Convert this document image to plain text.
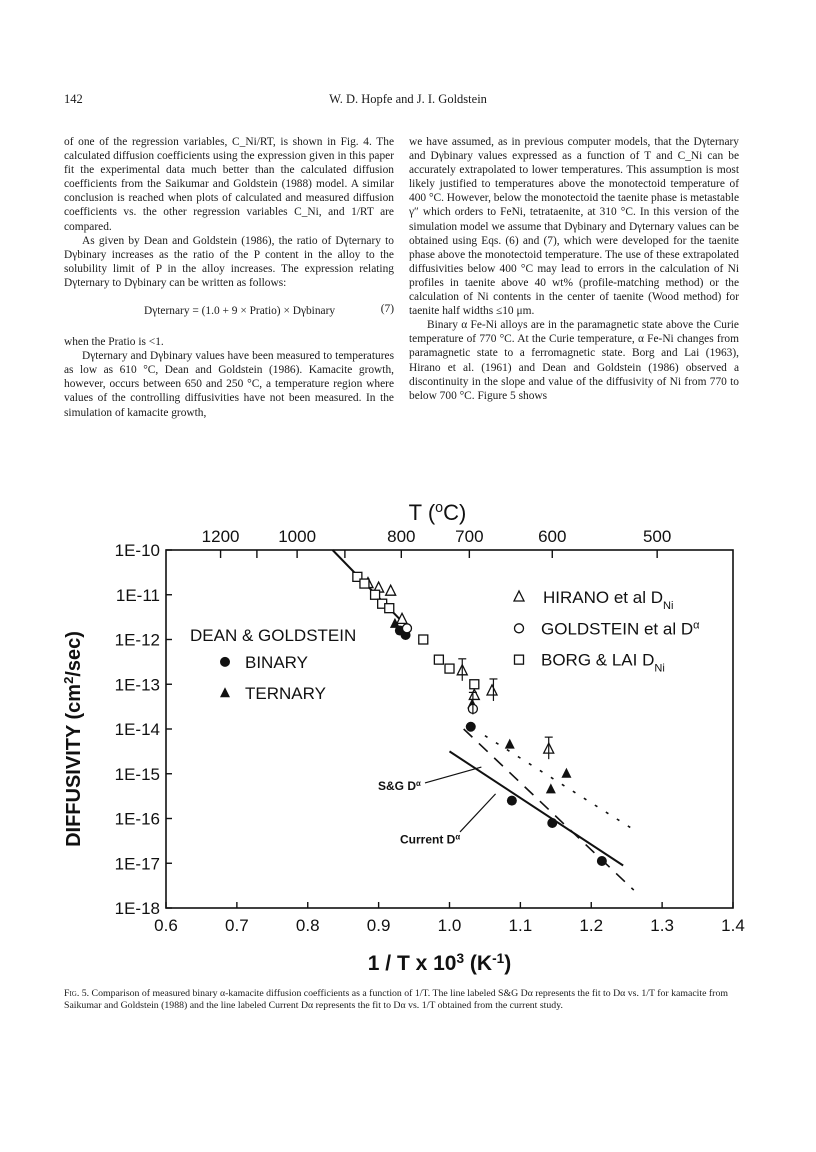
142	W. D. Hopfe and J. I. Goldstein

of one of the regression variables, C_Ni/RT, is shown in Fig. 4. The calculated diffusion coefficients using the expression given in this paper fit the experimental data much better than the calculated diffusion coefficients from the Saikumar and Goldstein (1988) model. A similar conclusion is reached when plots of calculated and measured diffusion coefficients vs. the other regression variables C_Ni, and 1/RT are compared.

As given by Dean and Goldstein (1986), the ratio of Dγternary to Dγbinary increases as the ratio of the P content in the alloy to the solubility limit of P in the alloy increases. The expression relating Dγternary to Dγbinary can be written as follows:

Dγternary = (1.0 + 9 × Pratio) × Dγbinary	(7)

when the Pratio is <1.

Dγternary and Dγbinary values have been measured to temperatures as low as 610 °C, Dean and Goldstein (1986). Kamacite growth, however, occurs between 650 and 250 °C, a temperature region where values of the controlling diffusivities have not been measured. In the simulation of kamacite growth,

we have assumed, as in previous computer models, that the Dγternary and Dγbinary values expressed as a function of T and C_Ni can be accurately extrapolated to lower temperatures. This assumption is most likely justified to temperatures above the monotectoid temperature of 400 °C. However, below the monotectoid the taenite phase is metastable γ″ which orders to FeNi, tetrataenite, at 310 °C. In this version of the simulation model we assume that Dγbinary and Dγternary values can be obtained using Eqs. (6) and (7), which were developed for the taenite phase above the monotectoid temperature. The use of these extrapolated diffusivities below 400 °C may lead to errors in the calculation of Ni profiles in taenite above 40 wt% (profile-matching method) or the calculation of Ni contents in the center of taenite (Wood method) for taenite half widths ≤10 μm.

Binary α Fe-Ni alloys are in the paramagnetic state above the Curie temperature of 770 °C. At the Curie temperature, α Fe-Ni changes from paramagnetic state to a ferromagnetic state. Borg and Lai (1963), Hirano et al. (1961) and Dean and Goldstein (1986) observed a discontinuity in the slope and value of the diffusivity of Ni from 770 to below 700 °C. Figure 5 shows

1E-10
1E-11
1E-12
1E-13
1E-14
1E-15
1E-16
1E-17
1E-18
0.6	0.7	0.8	0.9	1.0	1.1	1.2	1.3	1.4
1200 1000	800 700	600	500
T ($^o$C)
1 / T x $10^3$ $(K^{-1})$
DIFFUSIVITY $(cm^2/\sec)$	DEAN & GOLDSTEIN
BINARY
TERNARY
HIRANO et al $D_{Ni}$
GOLDSTEIN et al $D^\alpha$
BORG & LAI $D_{Ni}$
S&G $D^\alpha$
Current $D^\alpha$
Fig. 5. Comparison of measured binary α-kamacite diffusion coefficients as a function of 1/T. The line labeled S&G Dα represents the fit to Dα vs. 1/T for kamacite from Saikumar and Goldstein (1988) and the line labeled Current Dα represents the fit to Dα vs. 1/T obtained from the current study.
